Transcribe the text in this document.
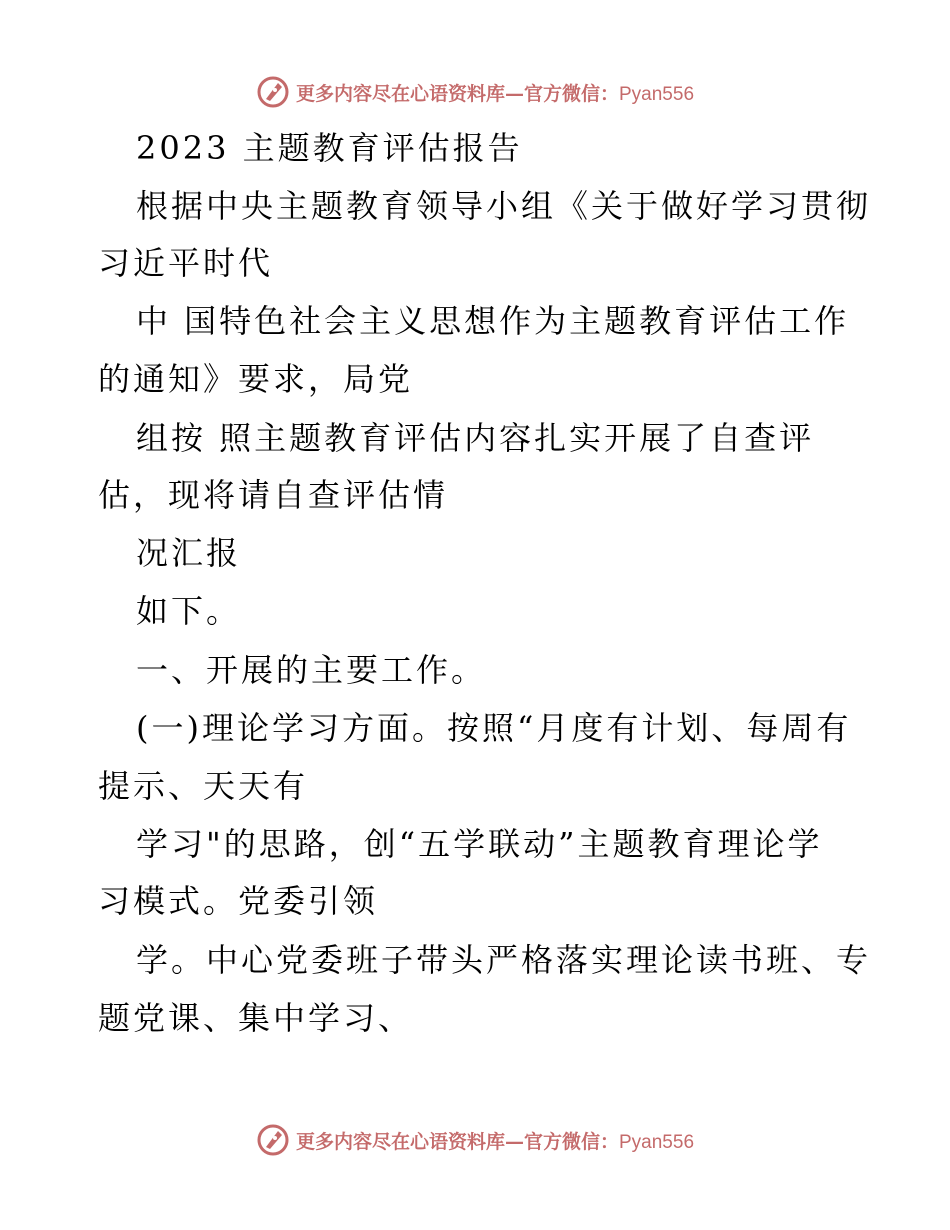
更多内容尽在心语资料库—官方微信：Pyan556
2023 主题教育评估报告
根据中央主题教育领导小组《关于做好学习贯彻
习近平时代
中 国特色社会主义思想作为主题教育评估工作
的通知》要求，局党
组按 照主题教育评估内容扎实开展了自查评
估，现将请自查评估情
况汇报
如下。
一、开展的主要工作。
(一)理论学习方面。按照“月度有计划、每周有
提示、天天有
学习"的思路，创“五学联动”主题教育理论学
习模式。党委引领
学。中心党委班子带头严格落实理论读书班、专
题党课、集中学习、
更多内容尽在心语资料库—官方微信：Pyan556
